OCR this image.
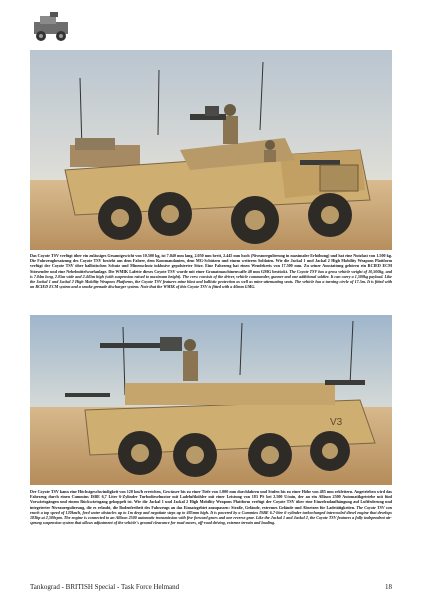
Das Coyote TSV verfügt über ein zulässiges Gesamtgewicht von 10.500 kg, ist 7.040 mm lang, 2.050 mm breit, 2.445 mm hoch (Niveauregulierung in maximaler Erhöhung) und hat eine Nutzlast von 1.500 kg. Die Fahrzeugbesatzung des Coyote TSV besteht aus dem Fahrer, dem Kommandanten, dem MG-Schützen und einem weiteren Soldaten. Wie die Jackal 1 und Jackal 2 High Mobility Weapons Plattform verfügt der Coyote TSV über ballistischen Schutz und Minenschutz inklusive gepolsterter Sitze. Eine Fahrzeug hat einen Wendekreis von 17.500 mm. Zu seiner Ausstattung gehören ein RCIED ECM Störsender und eine Nebelmittelwurfanlage. Die WMIK Lafette dieses Coyote TSV wurde mit einer Granatmaschinenwaffe 40 mm GMG bestückt. The Coyote TSV has a gross vehicle weight of 10,500kg, and is 7.04m long, 2.05m wide and 2.445m high (with suspension raised to maximum height). The crew consists of the driver, vehicle commander, gunner and one additional soldier. It can carry a 1,500kg payload. Like the Jackal 1 and Jackal 2 High Mobility Weapons Platforms, the Coyote TSV features mine blast and ballistic protection as well as mine-attenuating seats. The vehicle has a turning circle of 17.5m. It is fitted with an RCIED ECM system and a smoke grenade discharger system. Note that the WMIK of this Coyote TSV is fitted with a 40mm GMG.

V3

Der Coyote TSV kann eine Höchstgeschwindigkeit von 120 km/h erreichen, Gewässer bis zu einer Tiefe von 1.000 mm durchfahren und Stufen bis zu einer Höhe von 485 mm erklettern. Angetrieben wird das Fahrzeug durch einen Cummins ISBE 6,7 Liter 6-Zylinder Turbodieselmotor mit Ladeluftkühler mit einer Leistung von 183 PS bei 2.500 U/min, der an ein Allison 2500 Automatikgetriebe mit fünf Vorwärtsgängen und einem Rückwärtsgang gekoppelt ist. Wie die Jackal 1 und Jackal 2 High Mobility Weapons Plattform verfügt der Coyote TSV über eine Einzelradaufhängung auf Luftfederung und integrierter Niveauregulierung, die es erlaubt, die Bodenfreiheit des Fahrzeugs an das Einsatzgebiet anzupassen: Straße, Gelände, extremes Gelände und Absetzen für Ladetätigkeiten. The Coyote TSV can reach a top speed of 120km/h, ford water obstacles up to 1m deep and negotiate steps up to 485mm high. It is powered by a Cummins ISBE 6.7-litre 6-cylinder turbocharged intercooled diesel engine that develops 183hp at 2,500rpm. The engine is connected to an Allison 2500 automatic transmission with five forward gears and one reverse gear. Like the Jackal 1 and Jackal 2, the Coyote TSV features a fully independent air-sprung suspension system that allows adjustment of the vehicle's ground clearance for road moves, off-road driving, extreme terrain and loading.

Tankograd - BRITISH Special - Task Force Helmand	18
